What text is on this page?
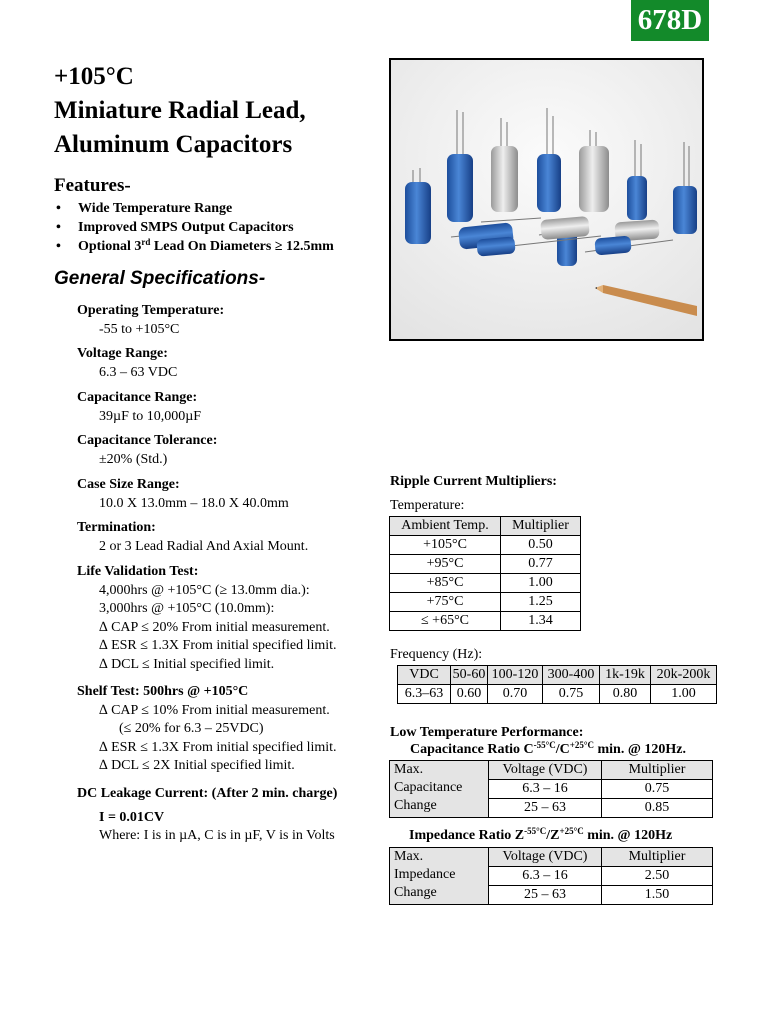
678D
+105°C
Miniature Radial Lead,
Aluminum Capacitors
Features-
• Wide Temperature Range
• Improved SMPS Output Capacitors
• Optional 3rd Lead On Diameters ≥ 12.5mm
General Specifications-
Operating Temperature:
-55 to +105°C
Voltage Range:
6.3 – 63 VDC
Capacitance Range:
39µF to 10,000µF
Capacitance Tolerance:
±20% (Std.)
Case Size Range:
10.0 X 13.0mm – 18.0 X 40.0mm
Termination:
2 or 3 Lead Radial And Axial Mount.
Life Validation Test:
4,000hrs @ +105°C (≥ 13.0mm dia.):
3,000hrs @ +105°C (10.0mm):
∆ CAP ≤ 20% From initial measurement.
∆ ESR ≤ 1.3X From initial specified limit.
∆ DCL ≤ Initial specified limit.
Shelf Test: 500hrs @ +105°C
∆ CAP ≤ 10% From initial measurement.
(≤ 20% for 6.3 – 25VDC)
∆ ESR ≤ 1.3X From initial specified limit.
∆ DCL ≤ 2X Initial specified limit.
DC Leakage Current: (After 2 min. charge)
I = 0.01CV
Where: I is in µA, C is in µF, V is in Volts
Ripple Current Multipliers:
Temperature:
Ambient Temp.	Multiplier
+105°C	0.50
+95°C	0.77
+85°C	1.00
+75°C	1.25
≤ +65°C	1.34
Frequency (Hz):
VDC	50-60	100-120	300-400	1k-19k	20k-200k
6.3–63	0.60	0.70	0.75	0.80	1.00
Low Temperature Performance:
Capacitance Ratio $C^{-55^\circ C}/C^{+25^\circ C}$ min. @ 120Hz.
Max.
Capacitance
Change	Voltage (VDC)	Multiplier
	6.3 – 16	0.75
	25 – 63	0.85
Impedance Ratio $Z^{-55^\circ C}/Z^{+25^\circ C}$ min. @ 120Hz
Max.
Impedance
Change	Voltage (VDC)	Multiplier
	6.3 – 16	2.50
	25 – 63	1.50
